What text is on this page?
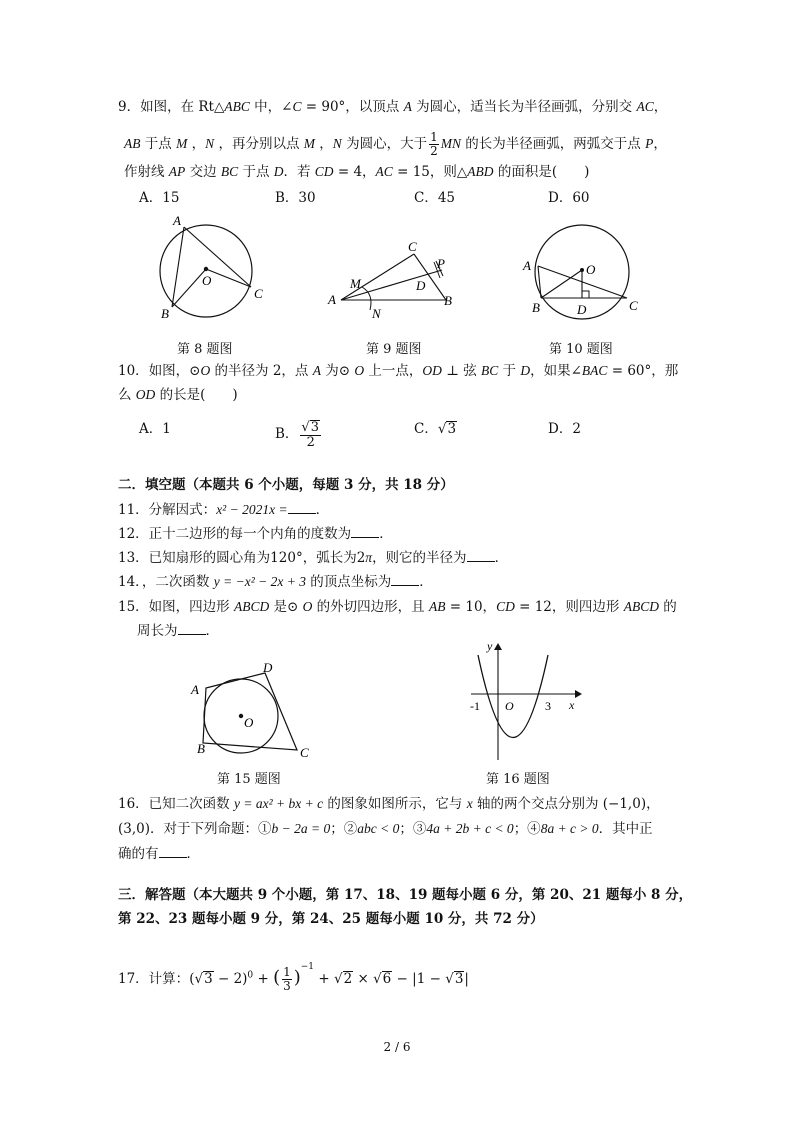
9．如图，在 Rt△ABC 中，∠C = 90°，以顶点 A 为圆心，适当长为半径画弧，分别交 AC，
AB 于点 M ，N ，再分别以点 M ，N 为圆心，大于 $\frac{1}{2}$ MN 的长为半径画弧，两弧交于点 P，
作射线 AP 交边 BC 于点 D．若 CD = 4，AC = 15，则△ABD 的面积是(　　)
A．15	B．30	C．45	D．60
A
O
B
C
第 8 题图
C
P
M	D
A
N
B
第 9 题图
A	O
B	D	C
第 10 题图
10．如图，⊙O 的半径为 2，点 A 为⊙ O 上一点，OD ⊥ 弦 BC 于 D，如果∠BAC = 60°，那
么 OD 的长是(　　)
A．1	B． $\frac{√3}{2}$	C．√3	D．2
二．填空题（本题共 6 个小题，每题 3 分，共 18 分）
11．分解因式：x² − 2021x = ．
12．正十二边形的每一个内角的度数为 ．
13．已知扇形的圆心角为120°，弧长为2π，则它的半径为 ．
14．，二次函数 y = −x² − 2x + 3 的顶点坐标为 ．
15．如图，四边形 ABCD 是⊙ O 的外切四边形，且 AB = 10，CD = 12，则四边形 ABCD 的
周长为 ．
A
D
O
B	C
第 15 题图
y
x
-1 O	3
第 16 题图
16．已知二次函数 y = ax² + bx + c 的图象如图所示，它与 x 轴的两个交点分别为 (−1,0)，
(3,0)．对于下列命题：①b − 2a = 0；②abc < 0；③4a + 2b + c < 0；④8a + c > 0．其中正
确的有 ．
三．解答题（本大题共 9 个小题，第 17、18、19 题每小题 6 分，第 20、21 题每小 8 分，
第 22、23 题每小题 9 分，第 24、25 题每小题 10 分，共 72 分）
17．计算：$(√3 - 2)^0$ + ( $\frac{1}{3} )^{-1} + √2 \times √6 - |1 - √3|$
2 / 6
